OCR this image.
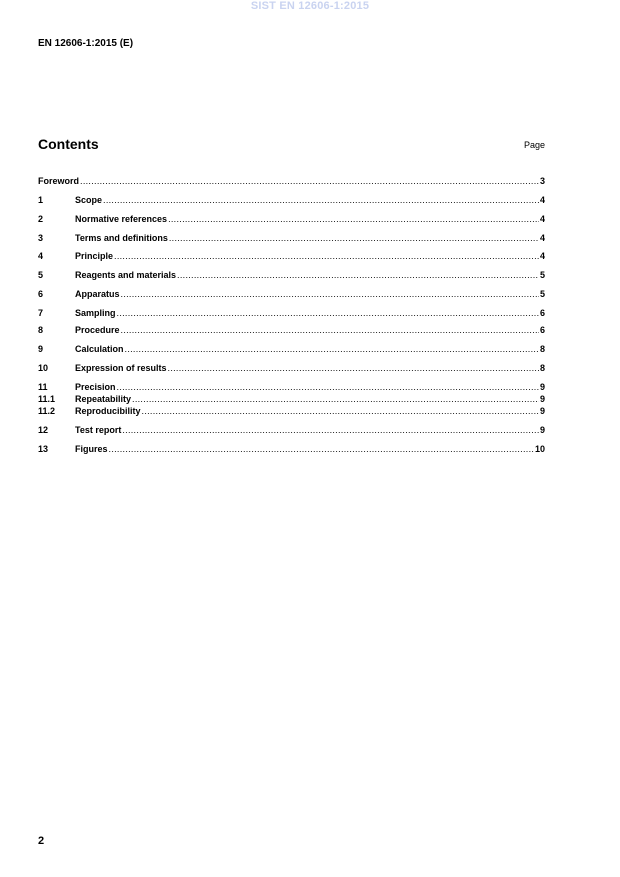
SIST EN 12606-1:2015
EN 12606-1:2015 (E)
Contents	Page
Foreword .....	3
1	Scope .....	4
2	Normative references .....	4
3	Terms and definitions .....	4
4	Principle .....	4
5	Reagents and materials .....	5
6	Apparatus .....	5
7	Sampling .....	6
8	Procedure .....	6
9	Calculation .....	8
10	Expression of results .....	8
11	Precision .....	9
11.1	Repeatability .....	9
11.2	Reproducibility .....	9
12	Test report .....	9
13	Figures .....	10
2
